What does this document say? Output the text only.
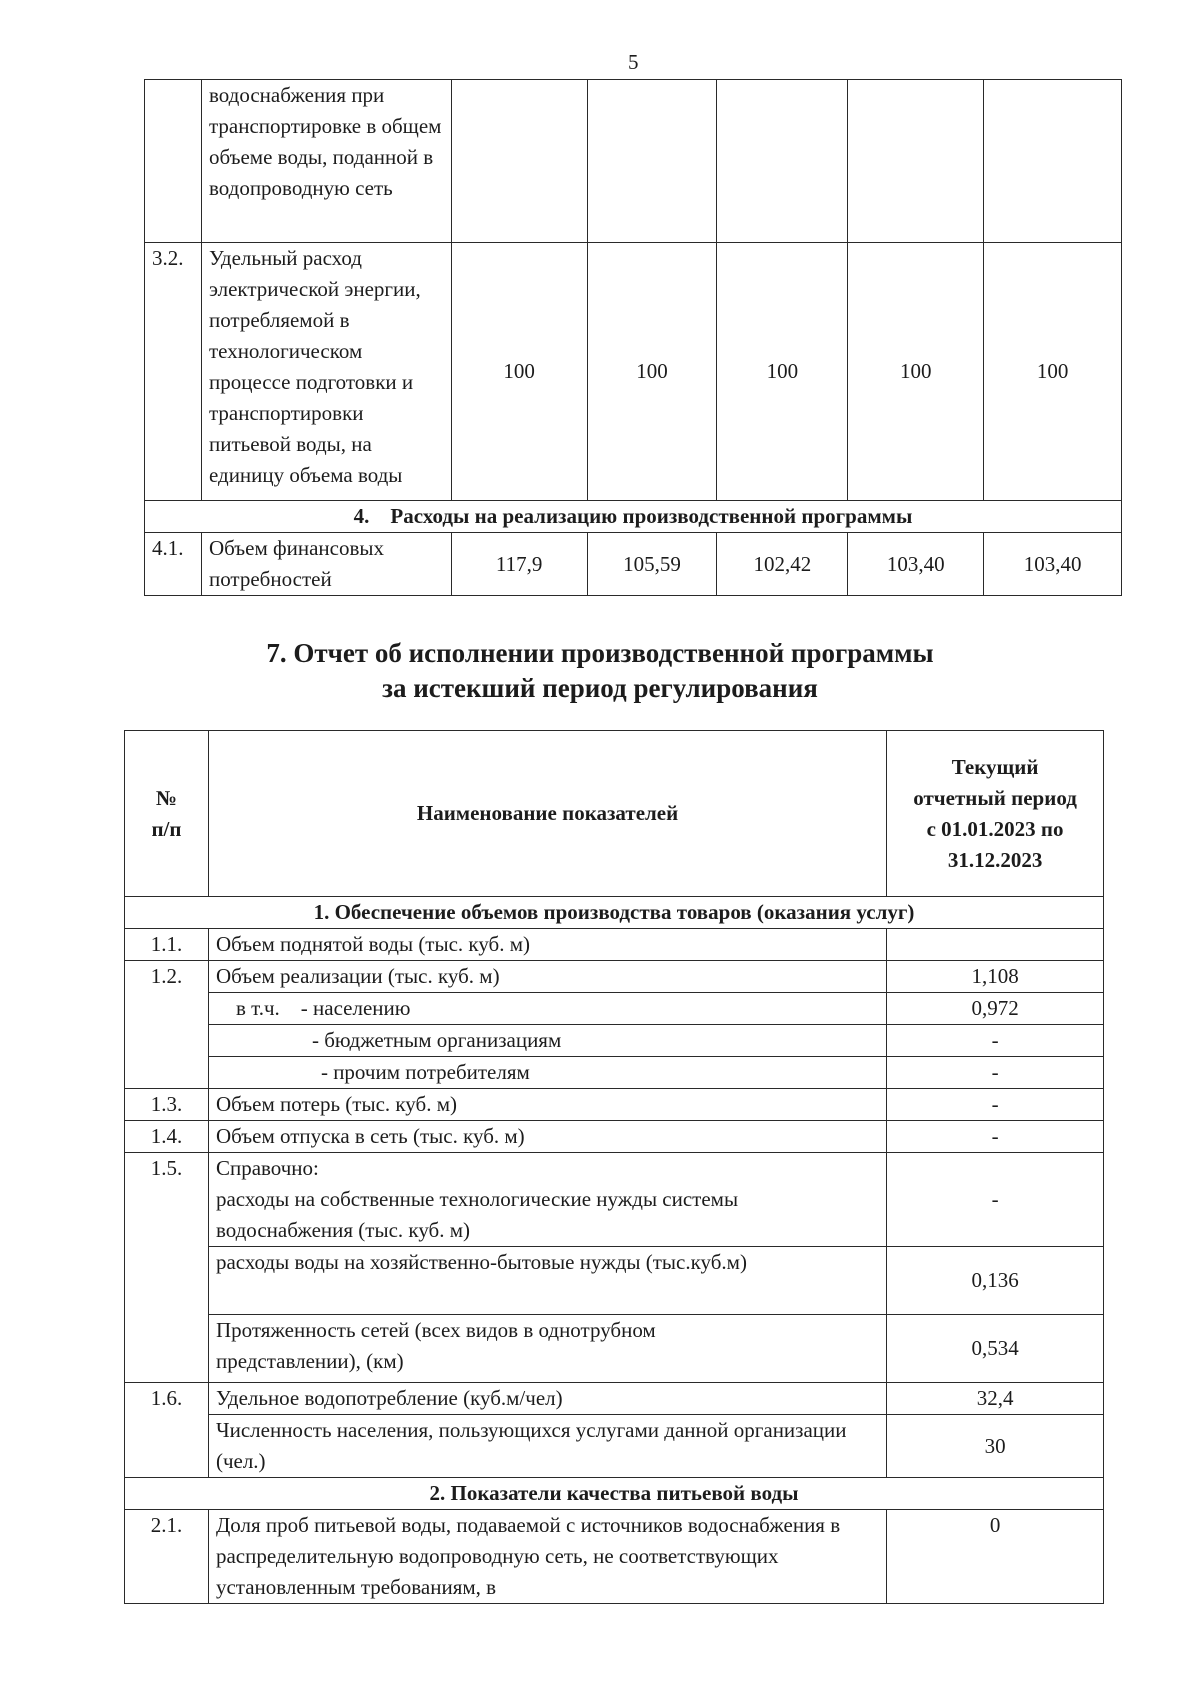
5
	водоснабжения при транспортировке в общем объеме воды, поданной в водопроводную сеть					
3.2.	Удельный расход электрической энергии, потребляемой в технологическом процессе подготовки и транспортировки питьевой воды, на единицу объема воды	100	100	100	100	100
4.    Расходы на реализацию производственной программы						
4.1.	Объем финансовых потребностей	117,9	105,59	102,42	103,40	103,40
7. Отчет об исполнении производственной программы
за истекший период регулирования
№ п/п	Наименование показателей	Текущий отчетный период с 01.01.2023 по 31.12.2023
1. Обеспечение объемов производства товаров (оказания услуг)		
1.1.	Объем поднятой воды (тыс. куб. м)	
1.2.	Объем реализации (тыс. куб. м)	1,108
	в т.ч.    - населению	0,972
	- бюджетным организациям	-
	- прочим потребителям	-
1.3.	Объем потерь (тыс. куб. м)	-
1.4.	Объем отпуска в сеть (тыс. куб. м)	-
1.5.	Справочно:
расходы на собственные технологические нужды системы водоснабжения (тыс. куб. м)	-
	расходы воды на хозяйственно-бытовые нужды (тыс.куб.м)	0,136
	Протяженность сетей (всех видов в однотрубном представлении), (км)	0,534
1.6.	Удельное водопотребление (куб.м/чел)	32,4
	Численность населения, пользующихся услугами данной организации (чел.)	30
2. Показатели качества питьевой воды		
2.1.	Доля проб питьевой воды, подаваемой с источников водоснабжения в распределительную водопроводную сеть, не соответствующих установленным требованиям, в	0
